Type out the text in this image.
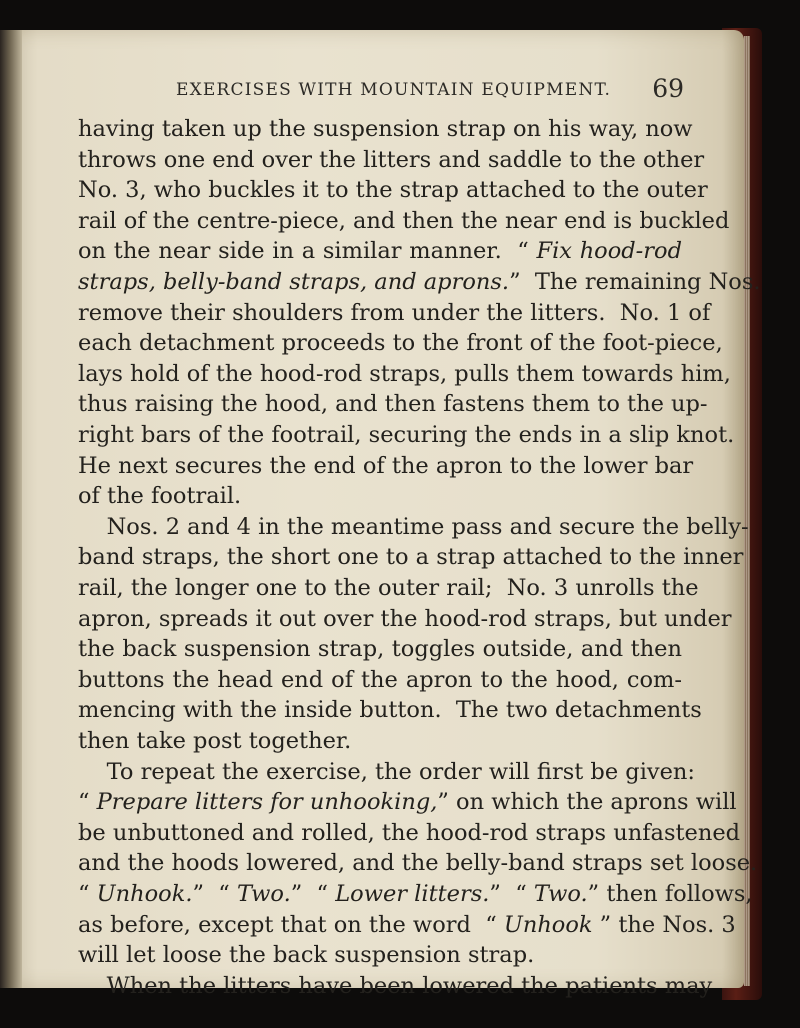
EXERCISES WITH MOUNTAIN EQUIPMENT. 69
having taken up the suspension strap on his way, now
throws one end over the litters and saddle to the other
No. 3, who buckles it to the strap attached to the outer
rail of the centre-piece, and then the near end is buckled
on the near side in a similar manner.  “ Fix hood-rod
straps, belly-band straps, and aprons.”  The remaining Nos.
remove their shoulders from under the litters.  No. 1 of
each detachment proceeds to the front of the foot-piece,
lays hold of the hood-rod straps, pulls them towards him,
thus raising the hood, and then fastens them to the up-
right bars of the footrail, securing the ends in a slip knot.
He next secures the end of the apron to the lower bar
of the footrail.
Nos. 2 and 4 in the meantime pass and secure the belly-
band straps, the short one to a strap attached to the inner
rail, the longer one to the outer rail;  No. 3 unrolls the
apron, spreads it out over the hood-rod straps, but under
the back suspension strap, toggles outside, and then
buttons the head end of the apron to the hood, com-
mencing with the inside button.  The two detachments
then take post together.
To repeat the exercise, the order will first be given:
“ Prepare litters for unhooking,” on which the aprons will
be unbuttoned and rolled, the hood-rod straps unfastened
and the hoods lowered, and the belly-band straps set loose.
“ Unhook.”  “ Two.”  “ Lower litters.”  “ Two.” then follows,
as before, except that on the word  “ Unhook ” the Nos. 3
will let loose the back suspension strap.
When the litters have been lowered the patients may
